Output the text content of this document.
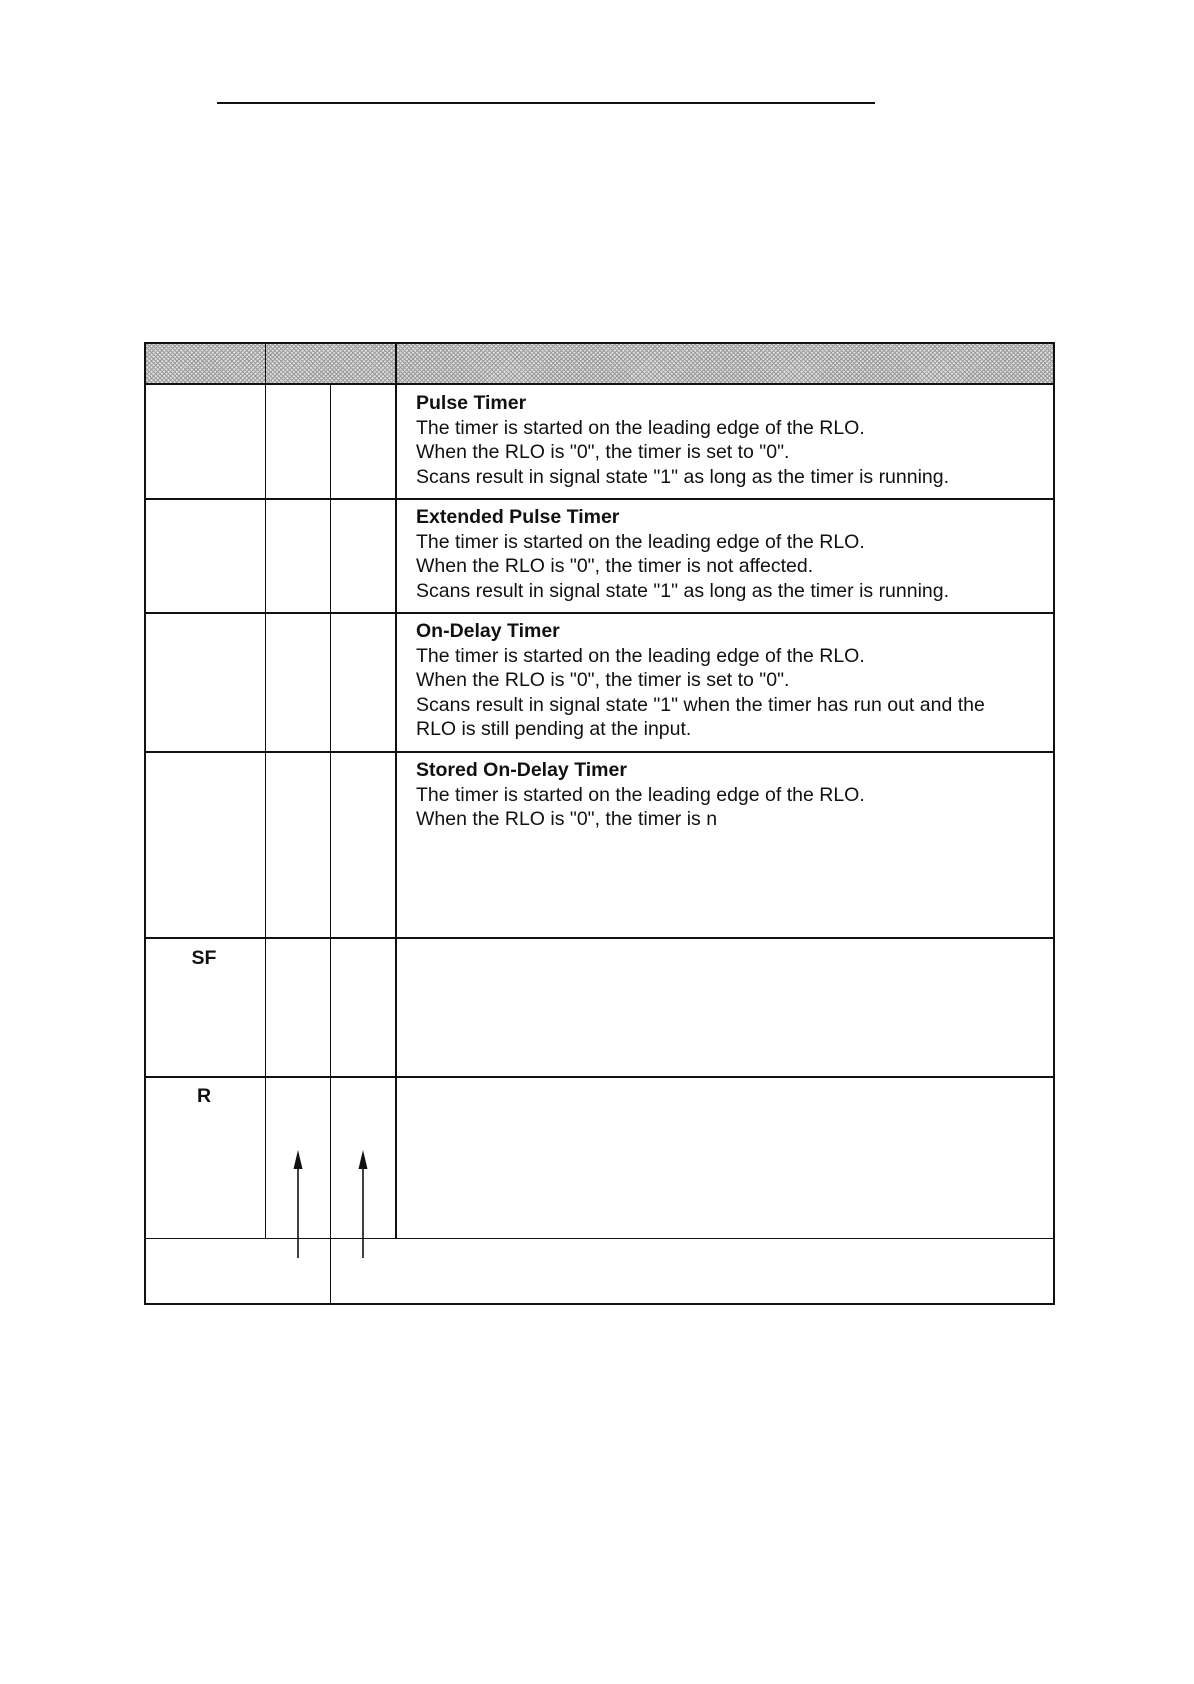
Pulse Timer
The timer is started on the leading edge of the RLO.
When the RLO is "0", the timer is set to "0".
Scans result in signal state "1" as long as the timer is running.
Extended Pulse Timer
The timer is started on the leading edge of the RLO.
When the RLO is "0", the timer is not affected.
Scans result in signal state "1" as long as the timer is running.
On-Delay Timer
The timer is started on the leading edge of the RLO.
When the RLO is "0", the timer is set to "0".
Scans result in signal state "1" when the timer has run out and the
RLO is still pending at the input.
Stored On-Delay Timer
The timer is started on the leading edge of the RLO.
When the RLO is "0", the timer is n
SF
R
